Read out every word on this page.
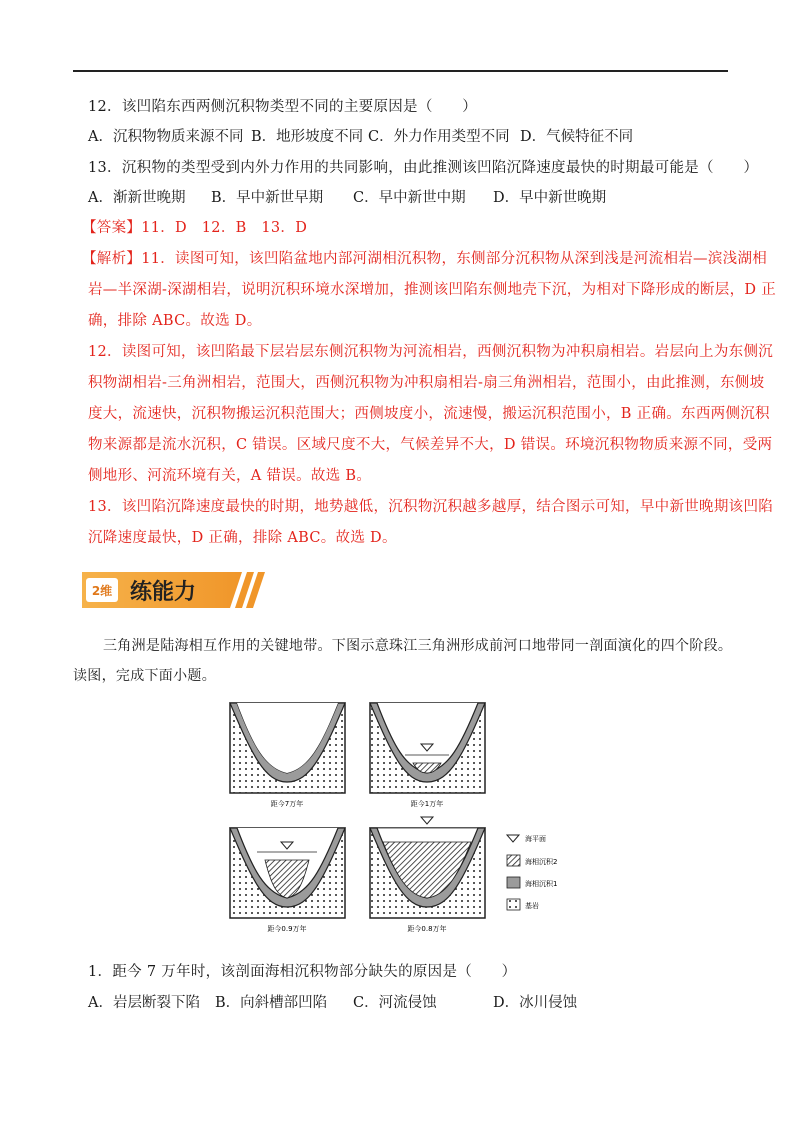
12．该凹陷东西两侧沉积物类型不同的主要原因是（　　）
A．沉积物物质来源不同 B．地形坡度不同 C．外力作用类型不同 D．气候特征不同
13．沉积物的类型受到内外力作用的共同影响，由此推测该凹陷沉降速度最快的时期最可能是（　　）
A．渐新世晚期 B．早中新世早期 C．早中新世中期 D．早中新世晚期
【答案】11．D　12．B　13．D
【解析】11．读图可知，该凹陷盆地内部河湖相沉积物，东侧部分沉积物从深到浅是河流相岩—滨浅湖相
岩—半深湖-深湖相岩，说明沉积环境水深增加，推测该凹陷东侧地壳下沉，为相对下降形成的断层，D 正
确，排除 ABC。故选 D。
12．读图可知，该凹陷最下层岩层东侧沉积物为河流相岩，西侧沉积物为冲积扇相岩。岩层向上为东侧沉
积物湖相岩-三角洲相岩，范围大，西侧沉积物为冲积扇相岩-扇三角洲相岩，范围小，由此推测，东侧坡
度大，流速快，沉积物搬运沉积范围大；西侧坡度小，流速慢，搬运沉积范围小，B 正确。东西两侧沉积
物来源都是流水沉积，C 错误。区域尺度不大，气候差异不大，D 错误。环境沉积物物质来源不同，受两
侧地形、河流环境有关，A 错误。故选 B。
13．该凹陷沉降速度最快的时期，地势越低，沉积物沉积越多越厚，结合图示可知，早中新世晚期该凹陷
沉降速度最快，D 正确，排除 ABC。故选 D。
2维 练能力
三角洲是陆海相互作用的关键地带。下图示意珠江三角洲形成前河口地带同一剖面演化的四个阶段。
读图，完成下面小题。
距今7万年	距今1万年
距今0.9万年	距今0.8万年
海平面
海相沉积2
海相沉积1
基岩
1．距今 7 万年时，该剖面海相沉积物部分缺失的原因是（　　）
A．岩层断裂下陷 B．向斜槽部凹陷 C．河流侵蚀	D．冰川侵蚀
